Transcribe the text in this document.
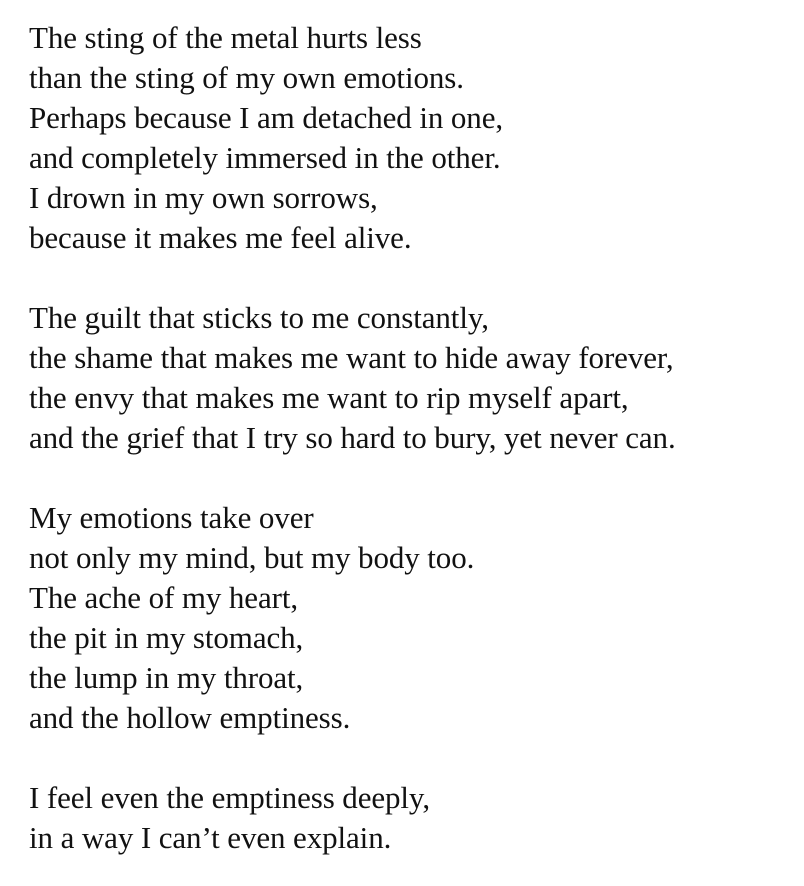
The sting of the metal hurts less
than the sting of my own emotions.
Perhaps because I am detached in one,
and completely immersed in the other.
I drown in my own sorrows,
because it makes me feel alive.
The guilt that sticks to me constantly,
the shame that makes me want to hide away forever,
the envy that makes me want to rip myself apart,
and the grief that I try so hard to bury, yet never can.
My emotions take over
not only my mind, but my body too.
The ache of my heart,
the pit in my stomach,
the lump in my throat,
and the hollow emptiness.
I feel even the emptiness deeply,
in a way I can’t even explain.
